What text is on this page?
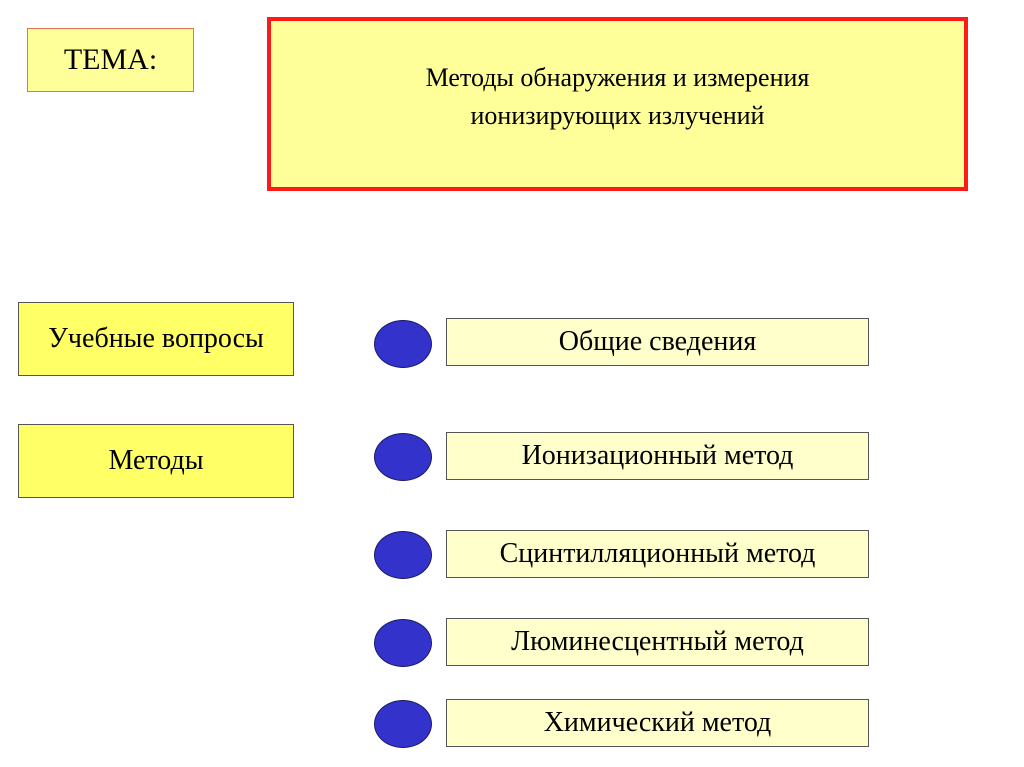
ТЕМА:
Методы обнаружения и измерения
ионизирующих излучений
Учебные вопросы
Методы
Общие сведения
Ионизационный метод
Сцинтилляционный метод
Люминесцентный метод
Химический метод
